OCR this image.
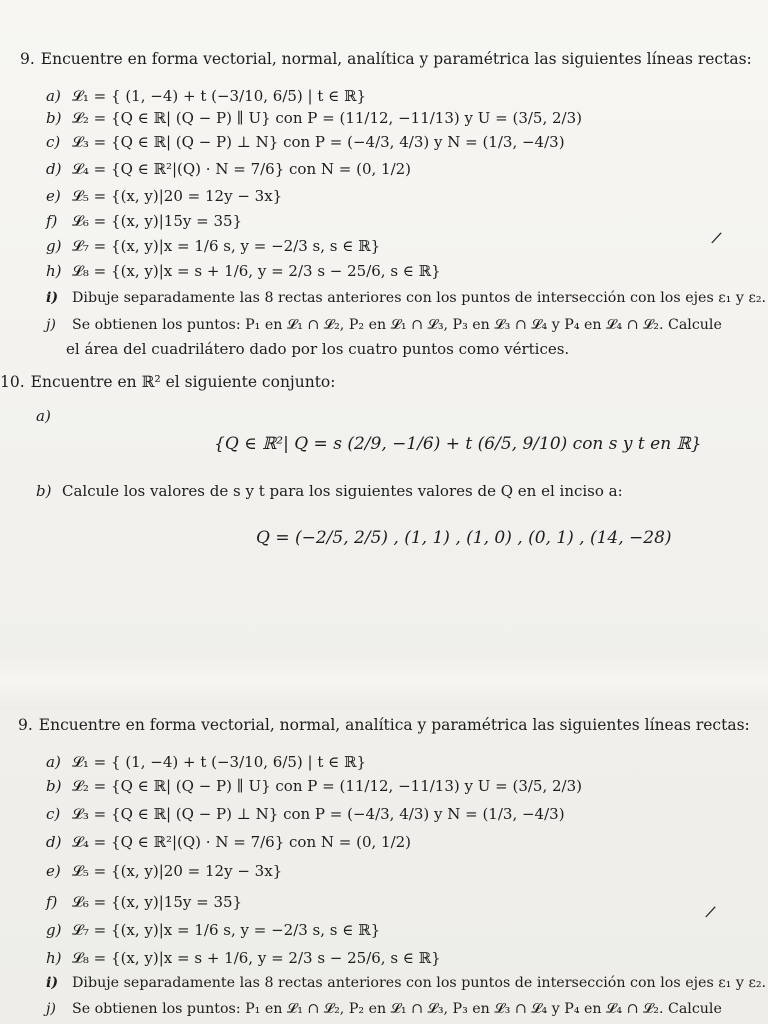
9. Encuentre en forma vectorial, normal, analítica y paramétrica las siguientes líneas rectas:
a) 𝓛₁ = { (1, −4) + t (−3/10, 6/5) | t ∈ ℝ}
b) 𝓛₂ = {Q ∈ ℝ| (Q − P) ∥ U} con P = (11/12, −11/13) y U = (3/5, 2/3)
c) 𝓛₃ = {Q ∈ ℝ| (Q − P) ⊥ N} con P = (−4/3, 4/3) y N = (1/3, −4/3)
d) 𝓛₄ = {Q ∈ ℝ²|(Q) · N = 7/6} con N = (0, 1/2)
e) 𝓛₅ = {(x, y)|20 = 12y − 3x}
f) 𝓛₆ = {(x, y)|15y = 35}
g) 𝓛₇ = {(x, y)|x = 1/6 s, y = −2/3 s, s ∈ ℝ}
h) 𝓛₈ = {(x, y)|x = s + 1/6, y = 2/3 s − 25/6, s ∈ ℝ}
i) Dibuje separadamente las 8 rectas anteriores con los puntos de intersección con los ejes ε₁ y ε₂.
j) Se obtienen los puntos: P₁ en 𝓛₁ ∩ 𝓛₂, P₂ en 𝓛₁ ∩ 𝓛₃, P₃ en 𝓛₃ ∩ 𝓛₄ y P₄ en 𝓛₄ ∩ 𝓛₂. Calcule
el área del cuadrilátero dado por los cuatro puntos como vértices.
/
10. Encuentre en ℝ² el siguiente conjunto:
a)
{Q ∈ ℝ²| Q = s (2/9, −1/6) + t (6/5, 9/10) con s y t en ℝ}
b) Calcule los valores de s y t para los siguientes valores de Q en el inciso a:
Q = (−2/5, 2/5) , (1, 1) , (1, 0) , (0, 1) , (14, −28)
9. Encuentre en forma vectorial, normal, analítica y paramétrica las siguientes líneas rectas:
a) 𝓛₁ = { (1, −4) + t (−3/10, 6/5) | t ∈ ℝ}
b) 𝓛₂ = {Q ∈ ℝ| (Q − P) ∥ U} con P = (11/12, −11/13) y U = (3/5, 2/3)
c) 𝓛₃ = {Q ∈ ℝ| (Q − P) ⊥ N} con P = (−4/3, 4/3) y N = (1/3, −4/3)
d) 𝓛₄ = {Q ∈ ℝ²|(Q) · N = 7/6} con N = (0, 1/2)
e) 𝓛₅ = {(x, y)|20 = 12y − 3x}
f) 𝓛₆ = {(x, y)|15y = 35}
g) 𝓛₇ = {(x, y)|x = 1/6 s, y = −2/3 s, s ∈ ℝ}
h) 𝓛₈ = {(x, y)|x = s + 1/6, y = 2/3 s − 25/6, s ∈ ℝ}
i) Dibuje separadamente las 8 rectas anteriores con los puntos de intersección con los ejes ε₁ y ε₂.
j) Se obtienen los puntos: P₁ en 𝓛₁ ∩ 𝓛₂, P₂ en 𝓛₁ ∩ 𝓛₃, P₃ en 𝓛₃ ∩ 𝓛₄ y P₄ en 𝓛₄ ∩ 𝓛₂. Calcule
/
